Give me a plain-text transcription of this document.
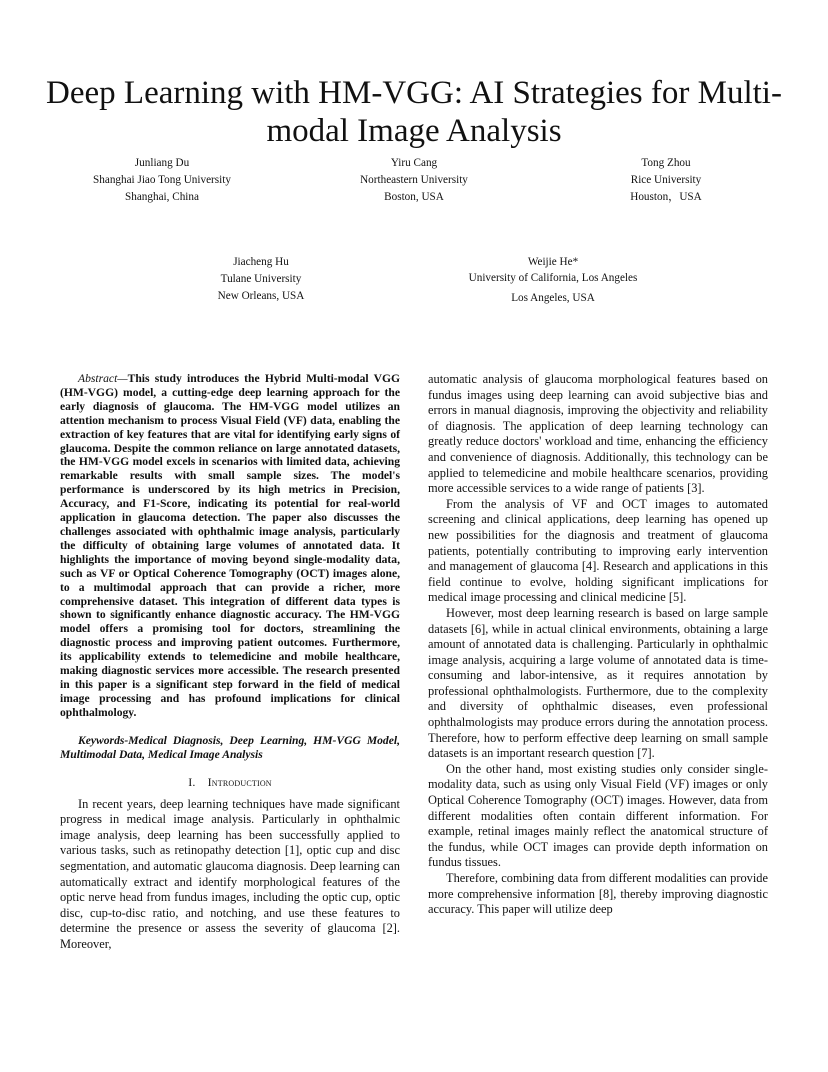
Deep Learning with HM-VGG: AI Strategies for Multi-modal Image Analysis
Junliang Du
Shanghai Jiao Tong University
Shanghai, China
Yiru Cang
Northeastern University
Boston, USA
Tong Zhou
Rice University
Houston，USA
Jiacheng Hu
Tulane University
New Orleans, USA
Weijie He*
University of California, Los Angeles
Los Angeles, USA

Abstract—This study introduces the Hybrid Multi-modal VGG (HM-VGG) model, a cutting-edge deep learning approach for the early diagnosis of glaucoma. The HM-VGG model utilizes an attention mechanism to process Visual Field (VF) data, enabling the extraction of key features that are vital for identifying early signs of glaucoma. Despite the common reliance on large annotated datasets, the HM-VGG model excels in scenarios with limited data, achieving remarkable results with small sample sizes. The model's performance is underscored by its high metrics in Precision, Accuracy, and F1-Score, indicating its potential for real-world application in glaucoma detection. The paper also discusses the challenges associated with ophthalmic image analysis, particularly the difficulty of obtaining large volumes of annotated data. It highlights the importance of moving beyond single-modality data, such as VF or Optical Coherence Tomography (OCT) images alone, to a multimodal approach that can provide a richer, more comprehensive dataset. This integration of different data types is shown to significantly enhance diagnostic accuracy. The HM-VGG model offers a promising tool for doctors, streamlining the diagnostic process and improving patient outcomes. Furthermore, its applicability extends to telemedicine and mobile healthcare, making diagnostic services more accessible. The research presented in this paper is a significant step forward in the field of medical image processing and has profound implications for clinical ophthalmology.

Keywords-Medical Diagnosis, Deep Learning, HM-VGG Model, Multimodal Data, Medical Image Analysis

I. Introduction

In recent years, deep learning techniques have made significant progress in medical image analysis. Particularly in ophthalmic image analysis, deep learning has been successfully applied to various tasks, such as retinopathy detection [1], optic cup and disc segmentation, and automatic glaucoma diagnosis. Deep learning can automatically extract and identify morphological features of the optic nerve head from fundus images, including the optic cup, optic disc, cup-to-disc ratio, and notching, and use these features to determine the presence or assess the severity of glaucoma [2]. Moreover,

automatic analysis of glaucoma morphological features based on fundus images using deep learning can avoid subjective bias and errors in manual diagnosis, improving the objectivity and reliability of diagnosis. The application of deep learning technology can greatly reduce doctors' workload and time, enhancing the efficiency and convenience of diagnosis. Additionally, this technology can be applied to telemedicine and mobile healthcare scenarios, providing more accessible services to a wide range of patients [3].

From the analysis of VF and OCT images to automated screening and clinical applications, deep learning has opened up new possibilities for the diagnosis and treatment of glaucoma patients, potentially contributing to improving early intervention and management of glaucoma [4]. Research and applications in this field continue to evolve, holding significant implications for medical image processing and clinical medicine [5].

However, most deep learning research is based on large sample datasets [6], while in actual clinical environments, obtaining a large amount of annotated data is challenging. Particularly in ophthalmic image analysis, acquiring a large volume of annotated data is time-consuming and labor-intensive, as it requires annotation by professional ophthalmologists. Furthermore, due to the complexity and diversity of ophthalmic diseases, even professional ophthalmologists may produce errors during the annotation process. Therefore, how to perform effective deep learning on small sample datasets is an important research question [7].

On the other hand, most existing studies only consider single-modality data, such as using only Visual Field (VF) images or only Optical Coherence Tomography (OCT) images. However, data from different modalities often contain different information. For example, retinal images mainly reflect the anatomical structure of the fundus, while OCT images can provide depth information on fundus tissues.

Therefore, combining data from different modalities can provide more comprehensive information [8], thereby improving diagnostic accuracy. This paper will utilize deep
